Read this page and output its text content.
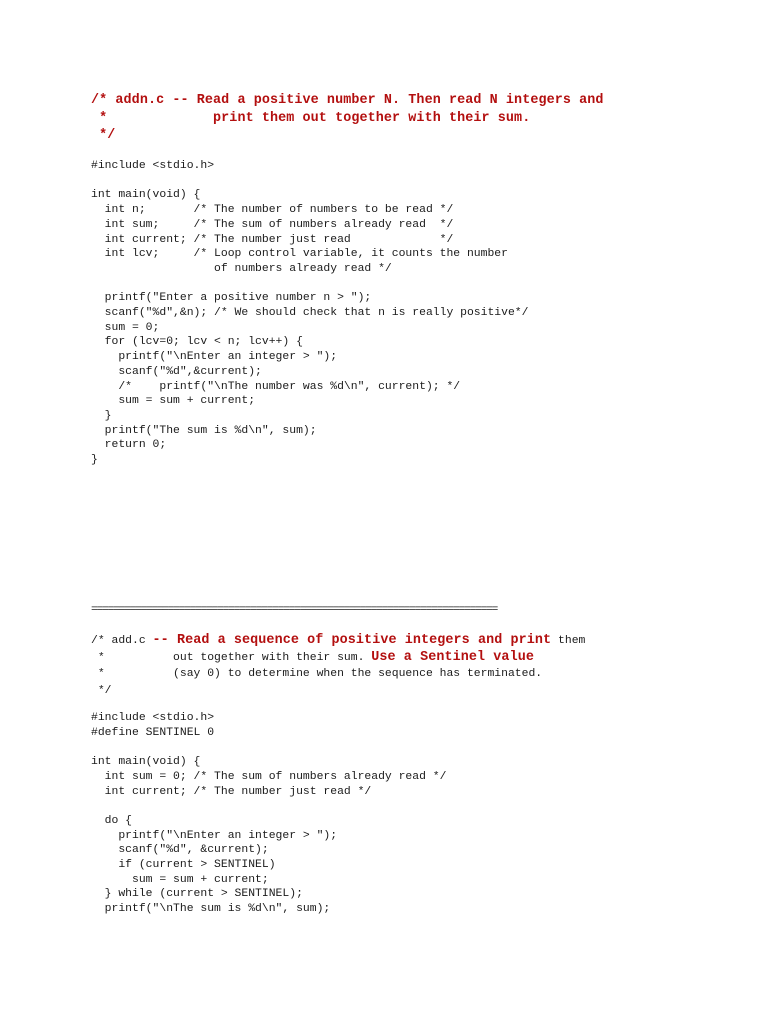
/* addn.c -- Read a positive number N. Then read N integers and
*             print them out together with their sum.
*/
#include <stdio.h>
int main(void) {
int n;       /* The number of numbers to be read */
int sum;     /* The sum of numbers already read  */
int current; /* The number just read             */
int lcv;     /* Loop control variable, it counts the number
of numbers already read */
printf("Enter a positive number n > ");
scanf("%d",&n); /* We should check that n is really positive*/
sum = 0;
for (lcv=0; lcv < n; lcv++) {
printf("\nEnter an integer > ");
scanf("%d",&current);
/*    printf("\nThe number was %d\n", current); */
sum = sum + current;
}
printf("The sum is %d\n", sum);
return 0;
}
/* add.c -- Read a sequence of positive integers and print them
*          out together with their sum. Use a Sentinel value
*          (say 0) to determine when the sequence has terminated.
*/
#include <stdio.h>
#define SENTINEL 0
int main(void) {
int sum = 0; /* The sum of numbers already read */
int current; /* The number just read */
do {
printf("\nEnter an integer > ");
scanf("%d", &current);
if (current > SENTINEL)
sum = sum + current;
} while (current > SENTINEL);
printf("\nThe sum is %d\n", sum);
==========================================================================
